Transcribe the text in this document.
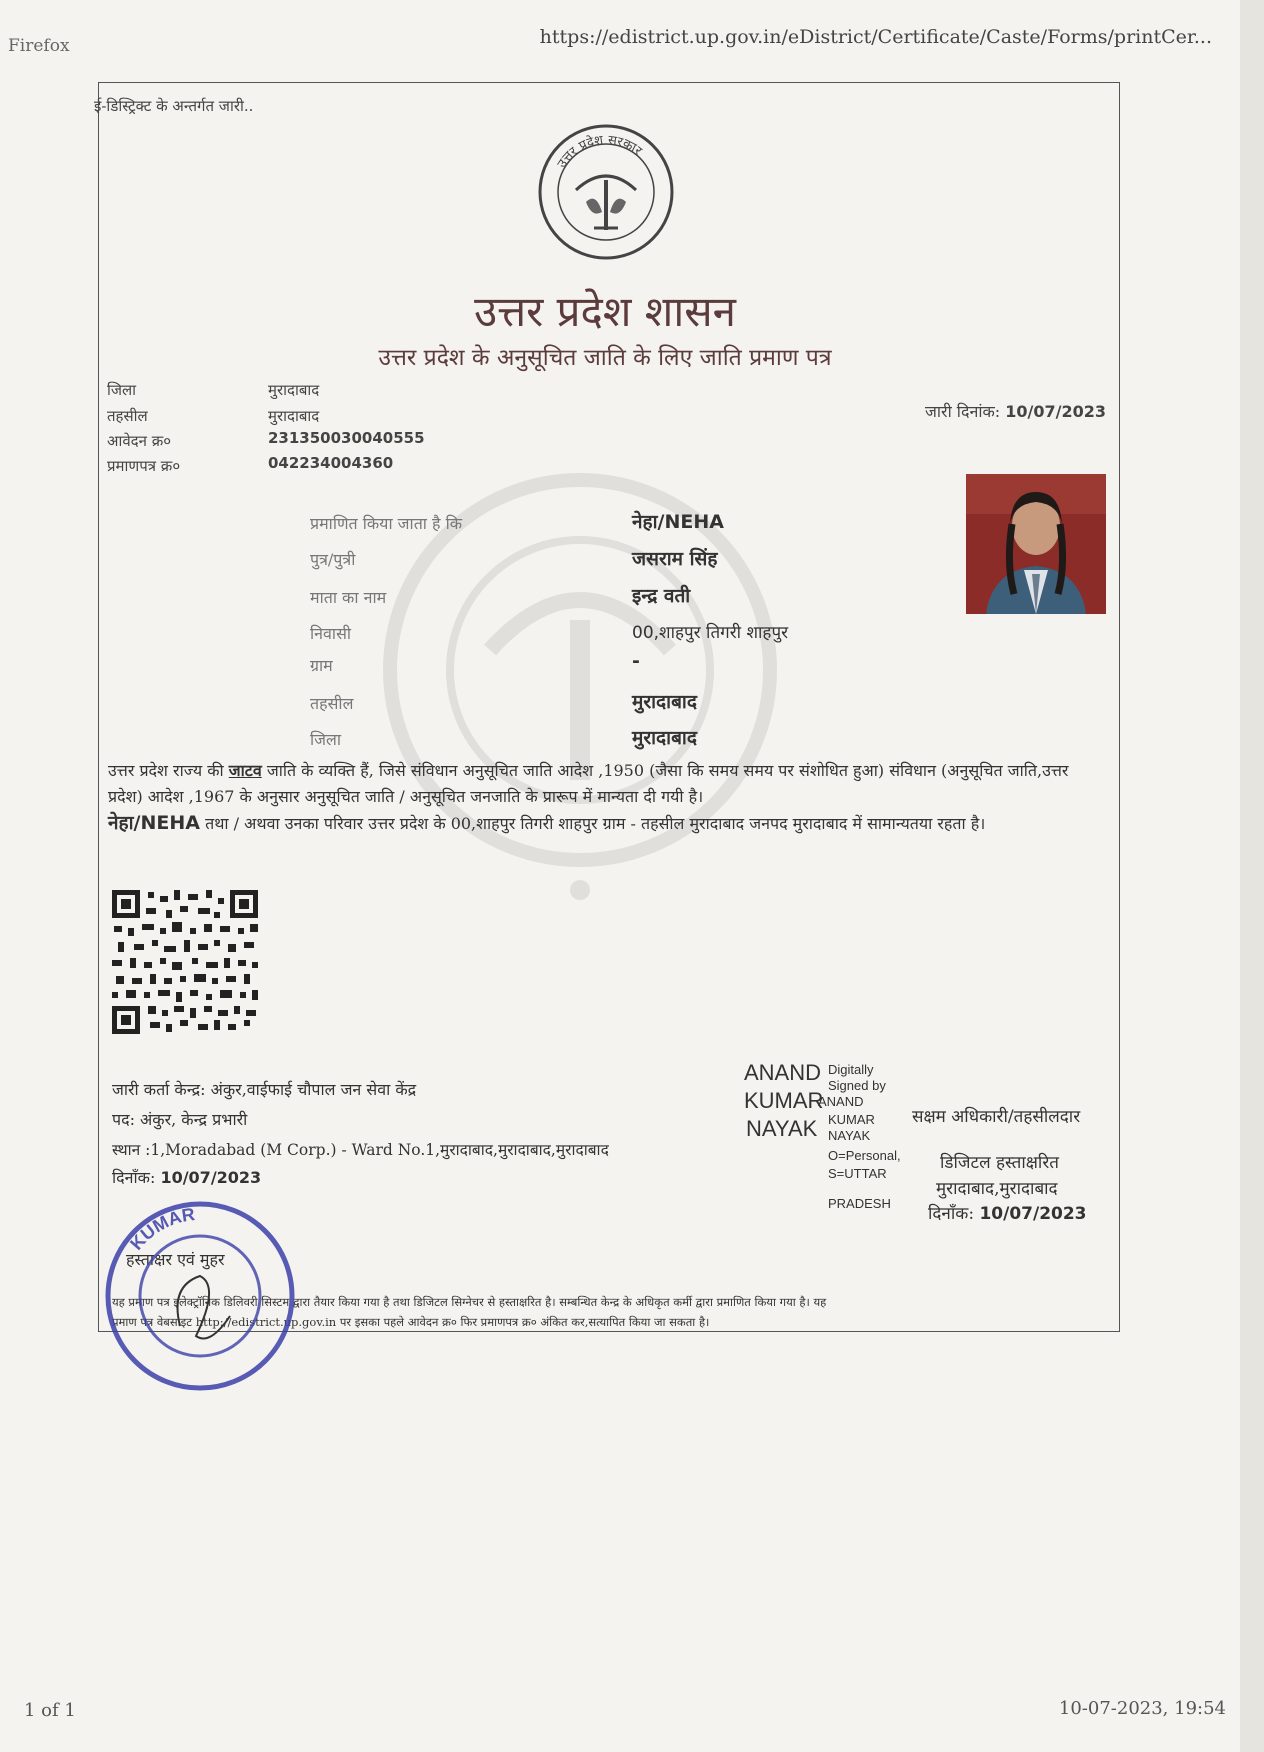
Firefox	https://edistrict.up.gov.in/eDistrict/Certificate/Caste/Forms/printCer...
ई-डिस्ट्रिक्ट के अन्तर्गत जारी..
उत्तर प्रदेश सरकार
उत्तर प्रदेश शासन
उत्तर प्रदेश के अनुसूचित जाति के लिए जाति प्रमाण पत्र
जिला	मुरादाबाद
तहसील	मुरादाबाद
आवेदन क्र०	231350030040555
प्रमाणपत्र क्र०	042234004360
जारी दिनांक: 10/07/2023
प्रमाणित किया जाता है कि	नेहा/NEHA
पुत्र/पुत्री	जसराम सिंह
माता का नाम	इन्द्र वती
निवासी	00,शाहपुर तिगरी शाहपुर
ग्राम	-
तहसील	मुरादाबाद
जिला	मुरादाबाद
उत्तर प्रदेश राज्य की जाटव जाति के व्यक्ति हैं, जिसे संविधान अनुसूचित जाति आदेश ,1950 (जैसा कि समय समय पर संशोधित हुआ) संविधान (अनुसूचित जाति,उत्तर प्रदेश) आदेश ,1967 के अनुसार अनुसूचित जाति / अनुसूचित जनजाति के प्रारूप में मान्यता दी गयी है।
नेहा/NEHA तथा / अथवा उनका परिवार उत्तर प्रदेश के 00,शाहपुर तिगरी शाहपुर ग्राम - तहसील मुरादाबाद जनपद मुरादाबाद में सामान्यतया रहता है।
जारी कर्ता केन्द्र: अंकुर,वाईफाई चौपाल जन सेवा केंद्र
पद: अंकुर, केन्द्र प्रभारी
स्थान :1,Moradabad (M Corp.) - Ward No.1,मुरादाबाद,मुरादाबाद,मुरादाबाद
दिनाँक: 10/07/2023
ANAND
KUMAR
NAYAK
Digitally
Signed by
ANAND
KUMAR
NAYAK
O=Personal,
S=UTTAR
PRADESH
सक्षम अधिकारी/तहसीलदार
डिजिटल हस्ताक्षरित
मुरादाबाद,मुरादाबाद
दिनाँक: 10/07/2023
हस्ताक्षर एवं मुहर
यह प्रमाण पत्र इलेक्ट्रॉनिक डिलिवरी सिस्टम द्वारा तैयार किया गया है तथा डिजिटल सिग्नेचर से हस्ताक्षरित है। सम्बन्धित केन्द्र के अधिकृत कर्मी द्वारा प्रमाणित किया गया है। यह
प्रमाण पत्र वेबसाइट http://edistrict.up.gov.in पर इसका पहले आवेदन क्र० फिर प्रमाणपत्र क्र० अंकित कर,सत्यापित किया जा सकता है।
KUMAR
1 of 1	10-07-2023, 19:54
